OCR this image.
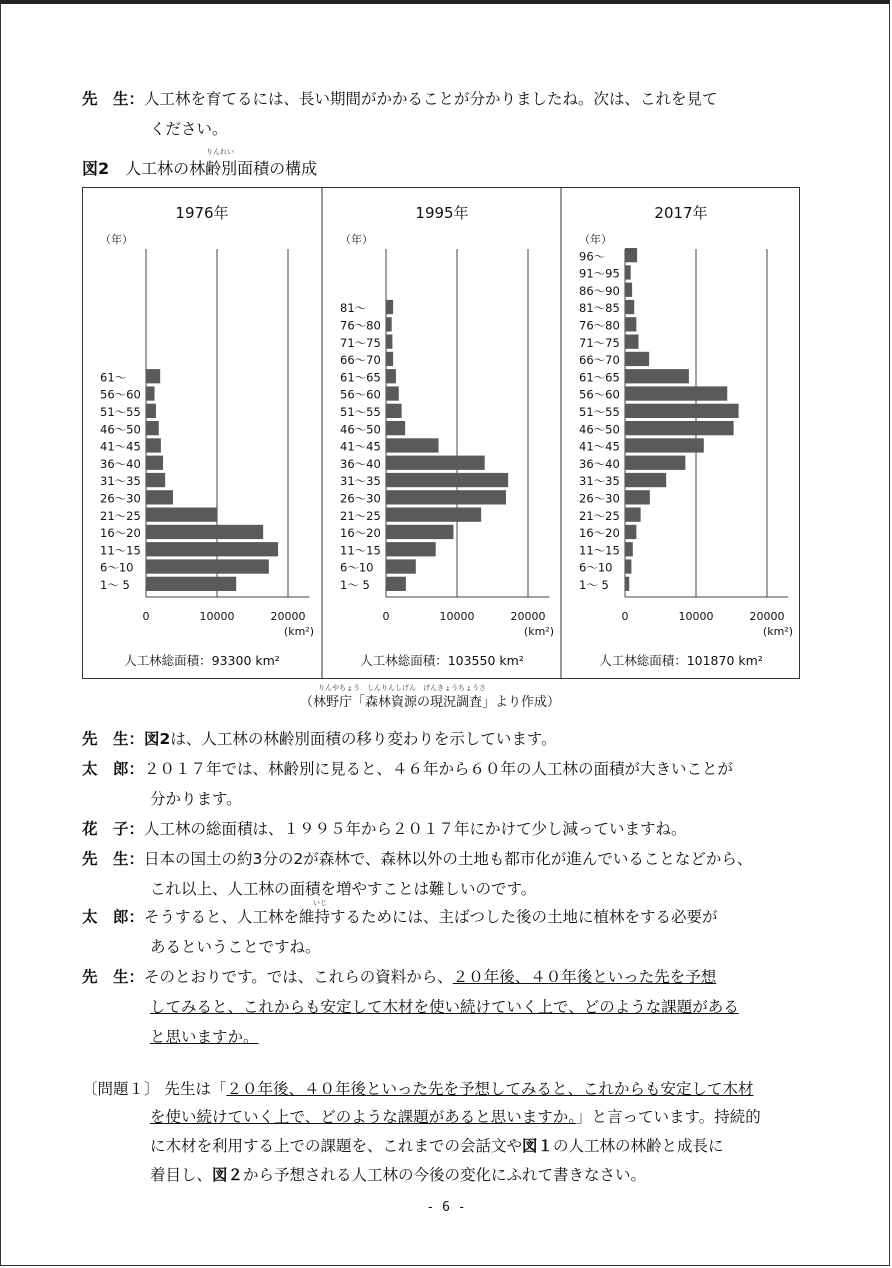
先　生：人工林を育てるには、長い期間がかかることが分かりましたね。次は、これを見て
ください。
りんれい
図2 人工林の林齢別面積の構成
1976年
（年）
0	10000	20000
(km²)
1～ 5
6～10
11～15
16～20
21～25
26～30
31～35
36～40
41～45
46～50
51～55
56～60
61～
人工林総面積：93300 km²
1995年
（年）
0	10000	20000
(km²)
1～ 5
6～10
11～15
16～20
21～25
26～30
31～35
36～40
41～45
46～50
51～55
56～60
61～65
66～70
71～75
76～80
81～
人工林総面積：103550 km²
2017年
（年）
0	10000	20000
(km²)
1～ 5
6～10
11～15
16～20
21～25
26～30
31～35
36～40
41～45
46～50
51～55
56～60
61～65
66～70
71～75
76～80
81～85
86～90
91～95
96～
人工林総面積：101870 km²
りんやちょう　しんりんしげん　げんきょうちょうさ
（林野庁「森林資源の現況調査」より作成）
先　生：図2は、人工林の林齢別面積の移り変わりを示しています。
太　郎：２０１７年では、林齢別に見ると、４６年から６０年の人工林の面積が大きいことが
分かります。
花　子：人工林の総面積は、１９９５年から２０１７年にかけて少し減っていますね。
先　生：日本の国土の約3分の2が森林で、森林以外の土地も都市化が進んでいることなどから、
これ以上、人工林の面積を増やすことは難しいのです。
いじ
太　郎：そうすると、人工林を維持するためには、主ばつした後の土地に植林をする必要が
あるということですね。
先　生：そのとおりです。では、これらの資料から、２０年後、４０年後といった先を予想
してみると、これからも安定して木材を使い続けていく上で、どのような課題がある
と思いますか。
〔問題１〕 先生は「２０年後、４０年後といった先を予想してみると、これからも安定して木材
を使い続けていく上で、どのような課題があると思いますか。」と言っています。持続的
に木材を利用する上での課題を、これまでの会話文や図１の人工林の林齢と成長に
着目し、図２から予想される人工林の今後の変化にふれて書きなさい。
- 6 -
